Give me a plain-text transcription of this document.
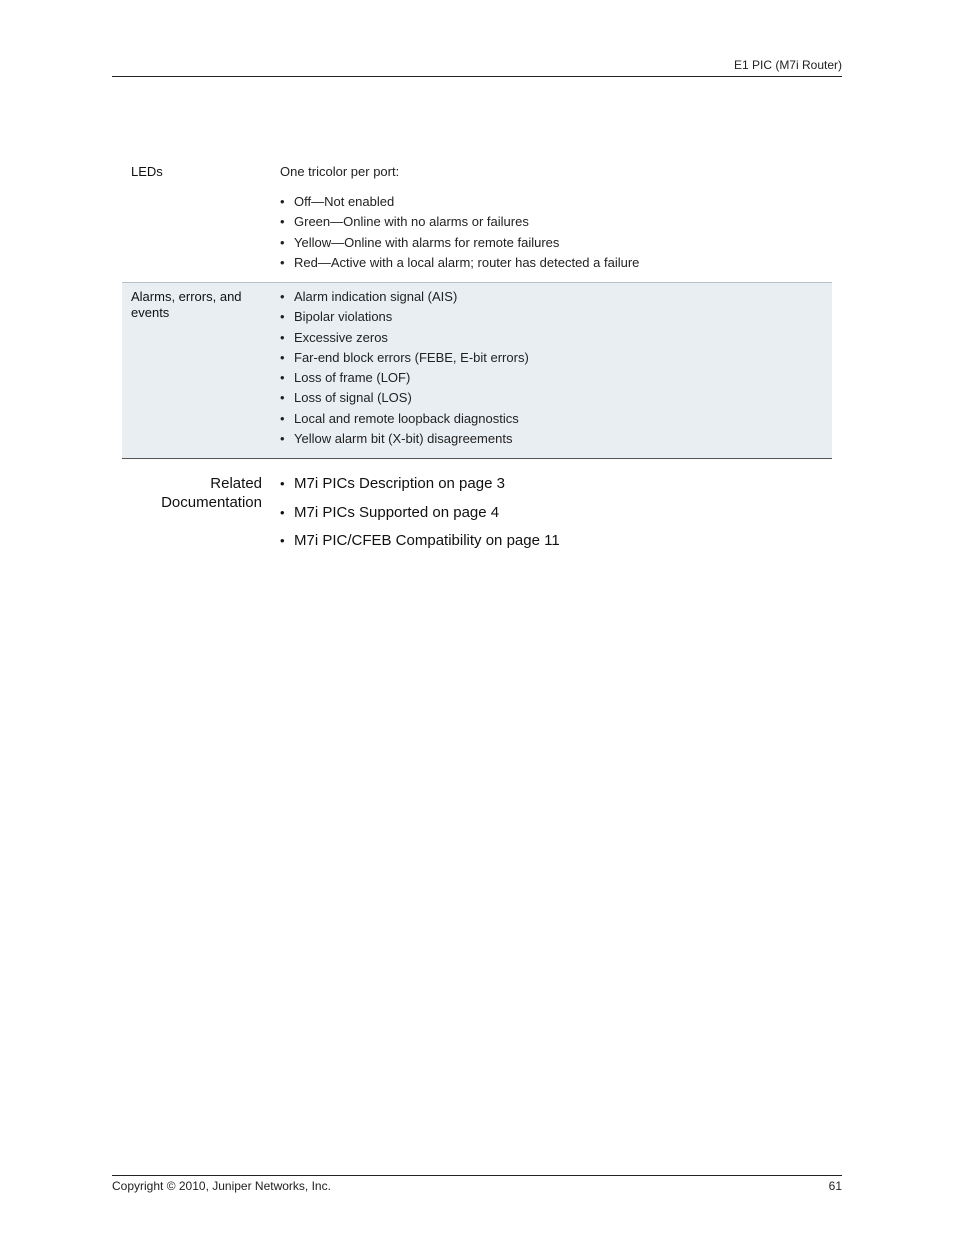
E1 PIC (M7i Router)
LEDs	One tricolor per port:

• Off—Not enabled
• Green—Online with no alarms or failures
• Yellow—Online with alarms for remote failures
• Red—Active with a local alarm; router has detected a failure
Alarms, errors, and events
• Alarm indication signal (AIS)
• Bipolar violations
• Excessive zeros
• Far-end block errors (FEBE, E-bit errors)
• Loss of frame (LOF)
• Loss of signal (LOS)
• Local and remote loopback diagnostics
• Yellow alarm bit (X-bit) disagreements
Related
Documentation
• M7i PICs Description on page 3
• M7i PICs Supported on page 4
• M7i PIC/CFEB Compatibility on page 11
Copyright © 2010, Juniper Networks, Inc.	61
